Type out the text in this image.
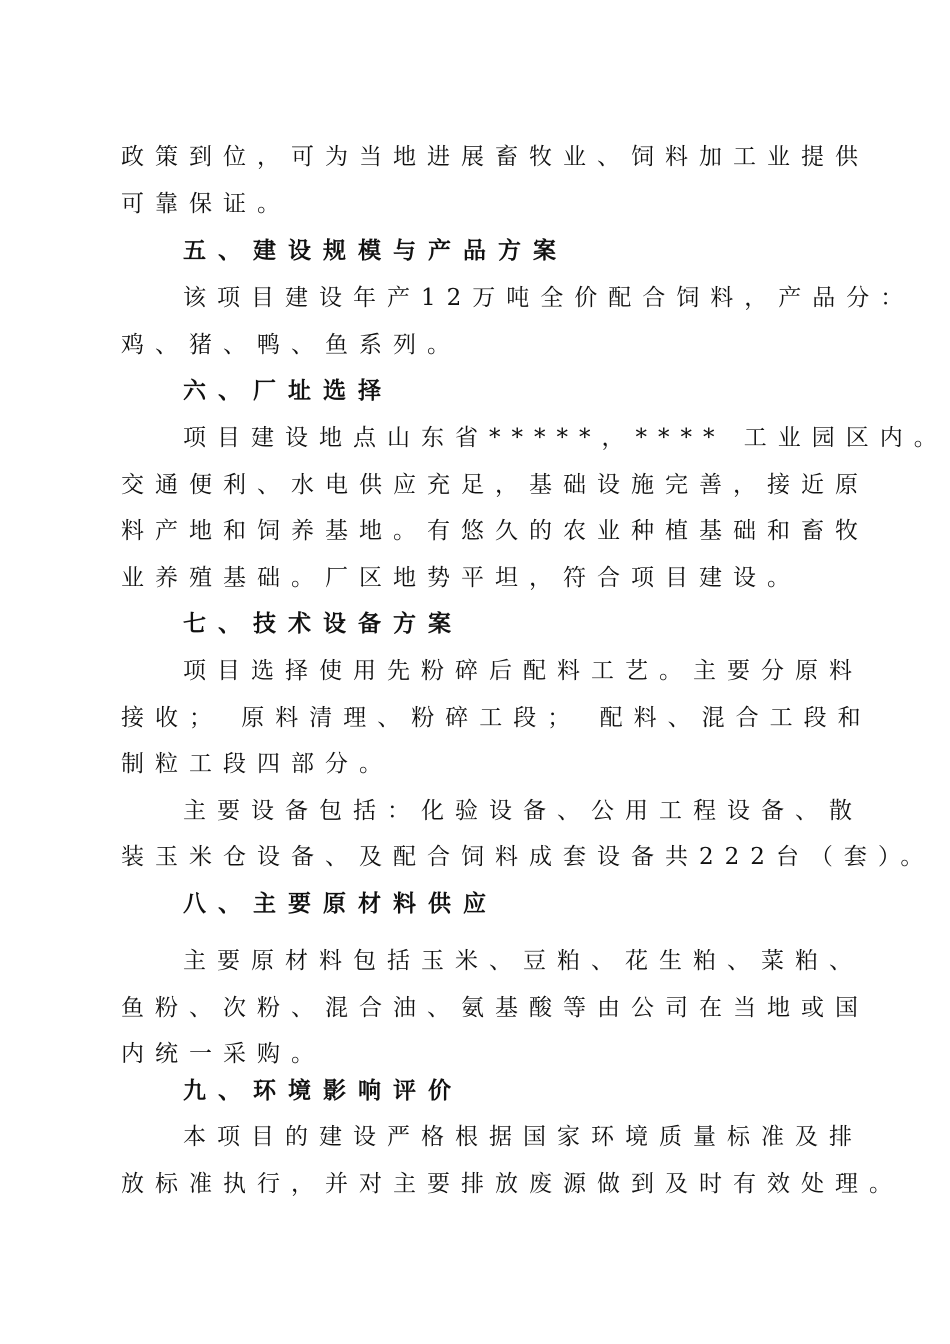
政策到位，可为当地进展畜牧业、饲料加工业提供
可靠保证。
五、建设规模与产品方案
该项目建设年产12万吨全价配合饲料，产品分：
鸡、猪、鸭、鱼系列。
六、厂址选择
项目建设地点山东省*****，**** 工业园区内。
交通便利、水电供应充足，基础设施完善，接近原
料产地和饲养基地。有悠久的农业种植基础和畜牧
业养殖基础。厂区地势平坦，符合项目建设。
七、技术设备方案
项目选择使用先粉碎后配料工艺。主要分原料
接收； 原料清理、粉碎工段； 配料、混合工段和
制粒工段四部分。
主要设备包括：化验设备、公用工程设备、散
装玉米仓设备、及配合饲料成套设备共222台（套）。
八、主要原材料供应
主要原材料包括玉米、豆粕、花生粕、菜粕、
鱼粉、次粉、混合油、氨基酸等由公司在当地或国
内统一采购。
九、环境影响评价
本项目的建设严格根据国家环境质量标准及排
放标准执行，并对主要排放废源做到及时有效处理。
